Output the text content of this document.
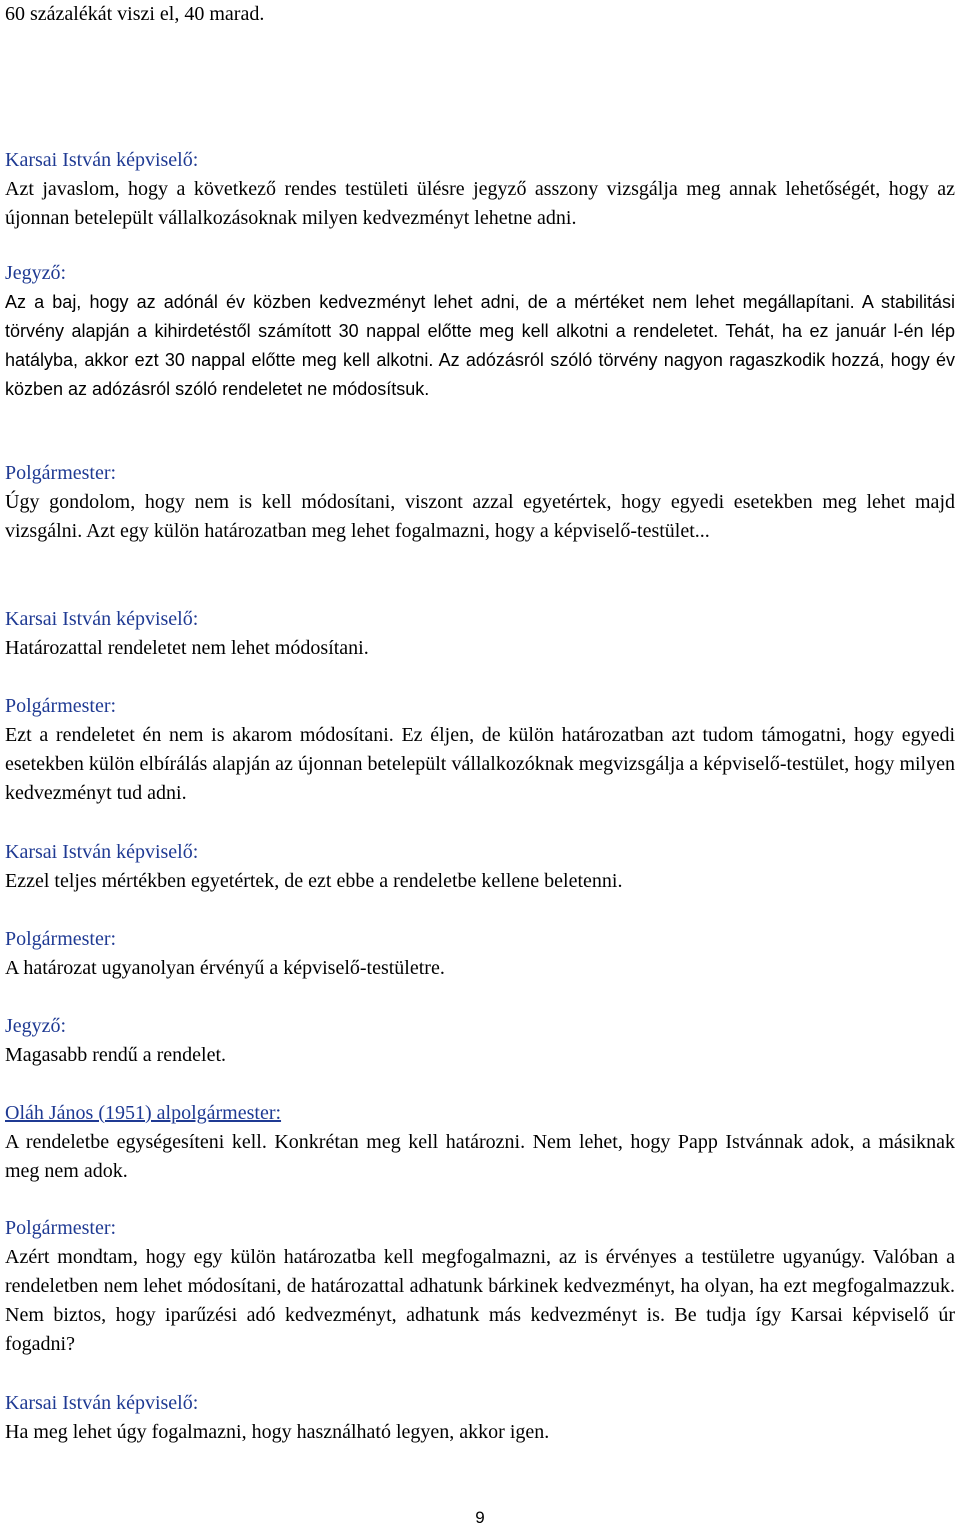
60 százalékát viszi el, 40 marad.

Karsai István képviselő:

Azt javaslom, hogy a következő rendes testületi ülésre jegyző asszony vizsgálja meg annak lehetőségét, hogy az újonnan betelepült vállalkozásoknak milyen kedvezményt lehetne adni.

Jegyző:

Az a baj, hogy az adónál év közben kedvezményt lehet adni, de a mértéket nem lehet megállapítani. A stabilitási törvény alapján a kihirdetéstől számított 30 nappal előtte meg kell alkotni a rendeletet. Tehát, ha ez január l-én lép hatályba, akkor ezt 30 nappal előtte meg kell alkotni. Az adózásról szóló törvény nagyon ragaszkodik hozzá, hogy év közben az adózásról szóló rendeletet ne módosítsuk.

Polgármester:

Úgy gondolom, hogy nem is kell módosítani, viszont azzal egyetértek, hogy egyedi esetekben meg lehet majd vizsgálni. Azt egy külön határozatban meg lehet fogalmazni, hogy a képviselő-testület...

Karsai István képviselő:

Határozattal rendeletet nem lehet módosítani.

Polgármester:

Ezt a rendeletet én nem is akarom módosítani. Ez éljen, de külön határozatban azt tudom támogatni, hogy egyedi esetekben külön elbírálás alapján az újonnan betelepült vállalkozóknak megvizsgálja a képviselő-testület, hogy milyen kedvezményt tud adni.

Karsai István képviselő:

Ezzel teljes mértékben egyetértek, de ezt ebbe a rendeletbe kellene beletenni.

Polgármester:

A határozat ugyanolyan érvényű a képviselő-testületre.

Jegyző:

Magasabb rendű a rendelet.

Oláh János (1951) alpolgármester:

A rendeletbe egységesíteni kell. Konkrétan meg kell határozni. Nem lehet, hogy Papp Istvánnak adok, a másiknak meg nem adok.

Polgármester:

Azért mondtam, hogy egy külön határozatba kell megfogalmazni, az is érvényes a testületre ugyanúgy. Valóban a rendeletben nem lehet módosítani, de határozattal adhatunk bárkinek kedvezményt, ha olyan, ha ezt megfogalmazzuk. Nem biztos, hogy iparűzési adó kedvezményt, adhatunk más kedvezményt is. Be tudja így Karsai képviselő úr fogadni?

Karsai István képviselő:

Ha meg lehet úgy fogalmazni, hogy használható legyen, akkor igen.

9
